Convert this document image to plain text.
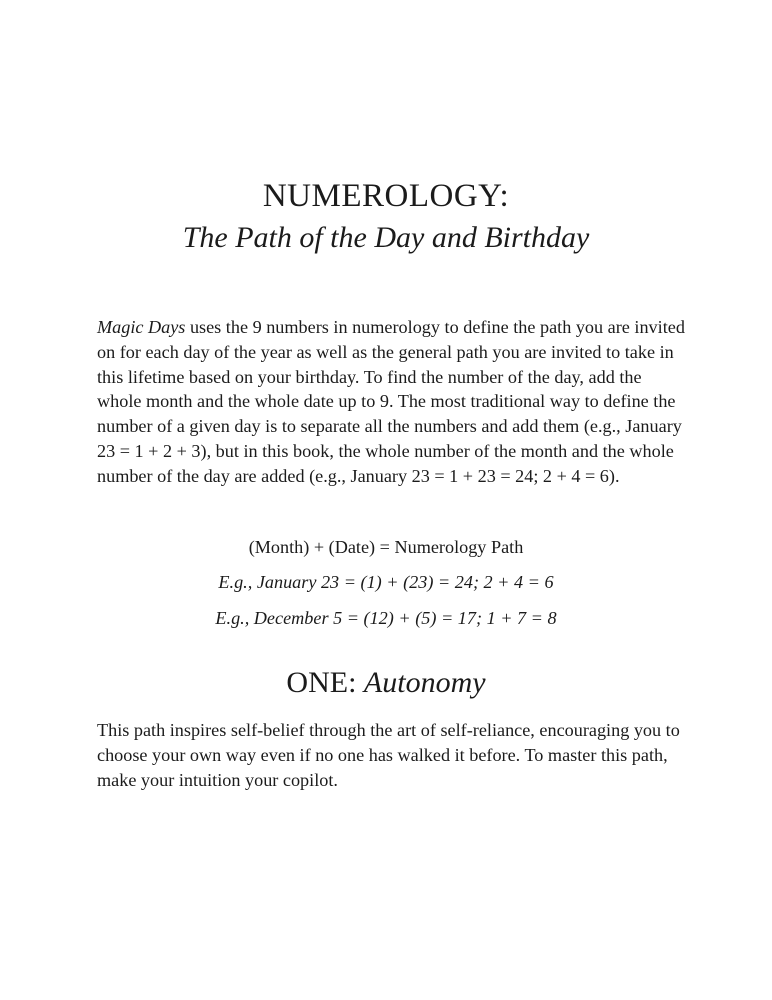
NUMEROLOGY:
The Path of the Day and Birthday

Magic Days uses the 9 numbers in numerology to define the path you are invited on for each day of the year as well as the general path you are invited to take in this lifetime based on your birthday. To find the number of the day, add the whole month and the whole date up to 9. The most traditional way to define the number of a given day is to separate all the numbers and add them (e.g., January 23 = 1 + 2 + 3), but in this book, the whole number of the month and the whole number of the day are added (e.g., January 23 = 1 + 23 = 24; 2 + 4 = 6).

(Month) + (Date) = Numerology Path

E.g., January 23 = (1) + (23) = 24; 2 + 4 = 6

E.g., December 5 = (12) + (5) = 17; 1 + 7 = 8

ONE: Autonomy

This path inspires self-belief through the art of self-reliance, encouraging you to choose your own way even if no one has walked it before. To master this path, make your intuition your copilot.
